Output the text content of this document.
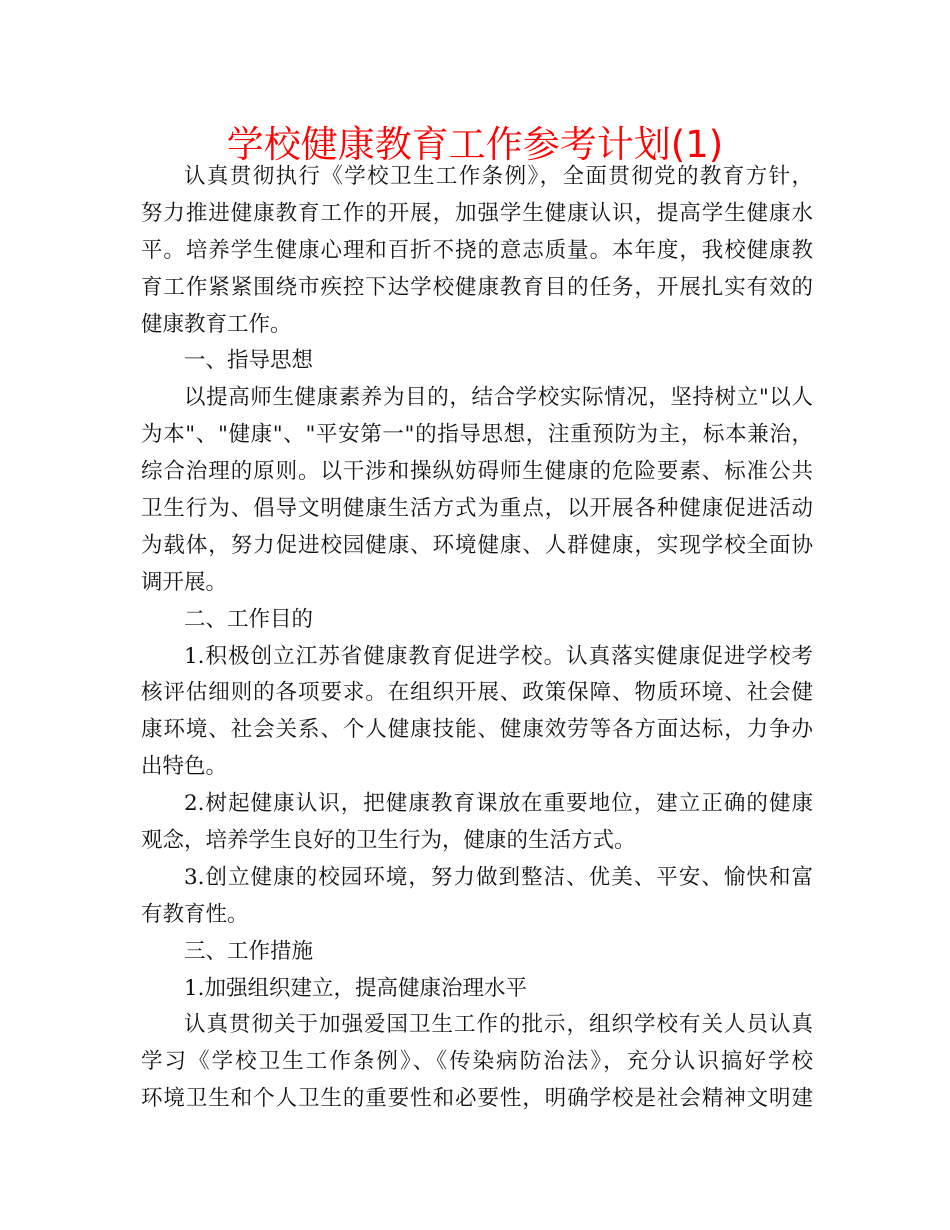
学校健康教育工作参考计划(1)
认真贯彻执行《学校卫生工作条例》，全面贯彻党的教育方针，
努力推进健康教育工作的开展，加强学生健康认识，提高学生健康水
平。培养学生健康心理和百折不挠的意志质量。本年度，我校健康教
育工作紧紧围绕市疾控下达学校健康教育目的任务，开展扎实有效的
健康教育工作。
一、指导思想
以提高师生健康素养为目的，结合学校实际情况，坚持树立"以人
为本"、"健康"、"平安第一"的指导思想，注重预防为主，标本兼治，
综合治理的原则。以干涉和操纵妨碍师生健康的危险要素、标准公共
卫生行为、倡导文明健康生活方式为重点，以开展各种健康促进活动
为载体，努力促进校园健康、环境健康、人群健康，实现学校全面协
调开展。
二、工作目的
1.积极创立江苏省健康教育促进学校。认真落实健康促进学校考
核评估细则的各项要求。在组织开展、政策保障、物质环境、社会健
康环境、社会关系、个人健康技能、健康效劳等各方面达标，力争办
出特色。
2.树起健康认识，把健康教育课放在重要地位，建立正确的健康
观念，培养学生良好的卫生行为，健康的生活方式。
3.创立健康的校园环境，努力做到整洁、优美、平安、愉快和富
有教育性。
三、工作措施
1.加强组织建立，提高健康治理水平
认真贯彻关于加强爱国卫生工作的批示，组织学校有关人员认真
学习《学校卫生工作条例》、《传染病防治法》，充分认识搞好学校
环境卫生和个人卫生的重要性和必要性，明确学校是社会精神文明建
